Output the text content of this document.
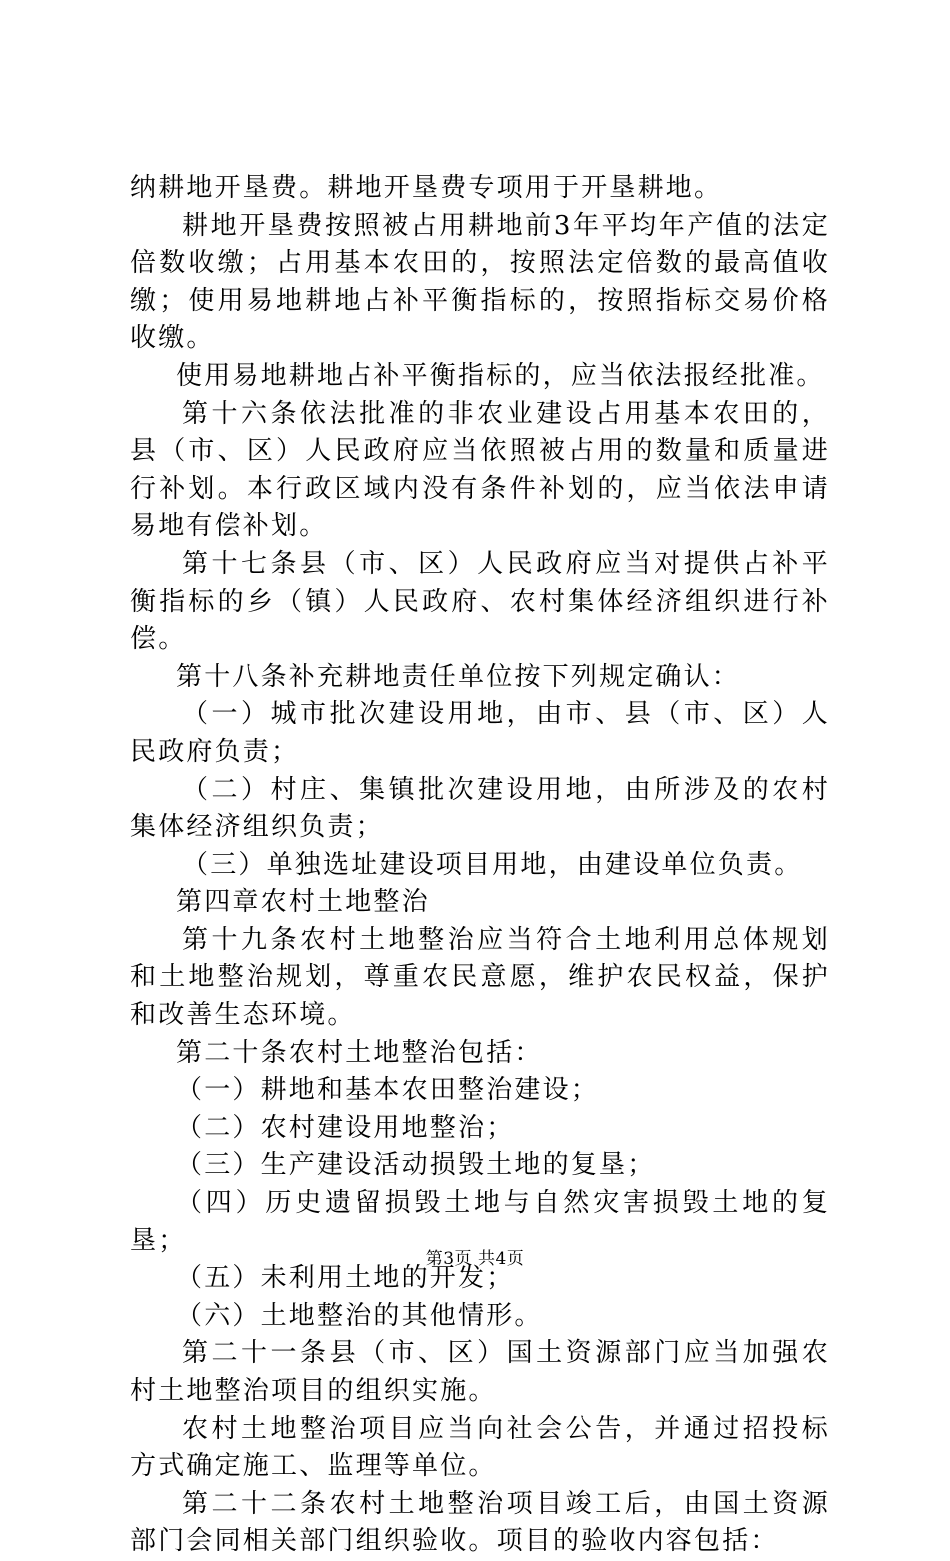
纳耕地开垦费。耕地开垦费专项用于开垦耕地。

耕地开垦费按照被占用耕地前3年平均年产值的法定倍数收缴；占用基本农田的，按照法定倍数的最高值收缴；使用易地耕地占补平衡指标的，按照指标交易价格收缴。

使用易地耕地占补平衡指标的，应当依法报经批准。

第十六条依法批准的非农业建设占用基本农田的，县（市、区）人民政府应当依照被占用的数量和质量进行补划。本行政区域内没有条件补划的，应当依法申请易地有偿补划。

第十七条县（市、区）人民政府应当对提供占补平衡指标的乡（镇）人民政府、农村集体经济组织进行补偿。

第十八条补充耕地责任单位按下列规定确认：

（一）城市批次建设用地，由市、县（市、区）人民政府负责；

（二）村庄、集镇批次建设用地，由所涉及的农村集体经济组织负责；

（三）单独选址建设项目用地，由建设单位负责。

第四章农村土地整治

第十九条农村土地整治应当符合土地利用总体规划和土地整治规划，尊重农民意愿，维护农民权益，保护和改善生态环境。

第二十条农村土地整治包括：

（一）耕地和基本农田整治建设；

（二）农村建设用地整治；

（三）生产建设活动损毁土地的复垦；

（四）历史遗留损毁土地与自然灾害损毁土地的复垦；

（五）未利用土地的开发；

（六）土地整治的其他情形。

第二十一条县（市、区）国土资源部门应当加强农村土地整治项目的组织实施。

农村土地整治项目应当向社会公告，并通过招投标方式确定施工、监理等单位。

第二十二条农村土地整治项目竣工后，由国土资源部门会同相关部门组织验收。项目的验收内容包括：

第3页 共4页
